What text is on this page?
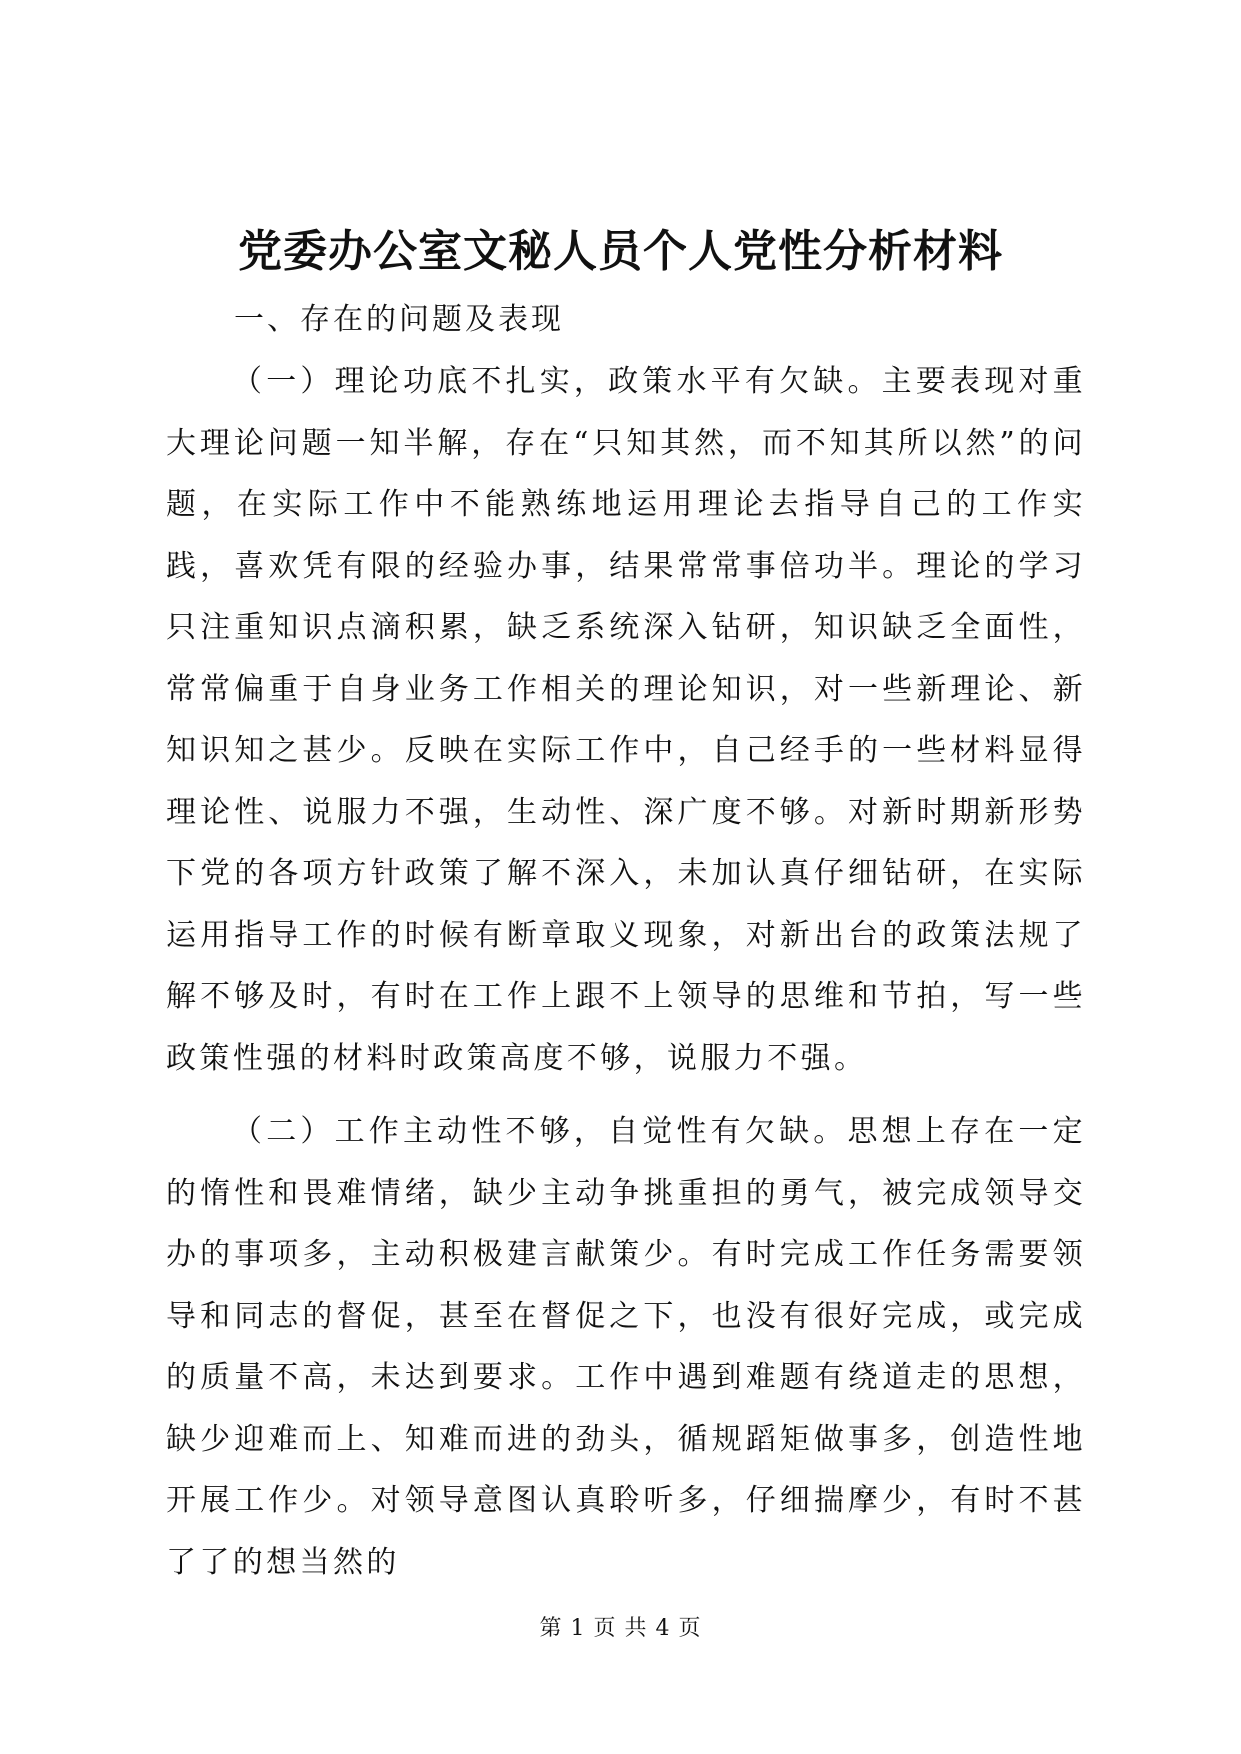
党委办公室文秘人员个人党性分析材料

一、存在的问题及表现

（一）理论功底不扎实，政策水平有欠缺。主要表现对重大理论问题一知半解，存在“只知其然，而不知其所以然”的问题，在实际工作中不能熟练地运用理论去指导自己的工作实践，喜欢凭有限的经验办事，结果常常事倍功半。理论的学习只注重知识点滴积累，缺乏系统深入钻研，知识缺乏全面性，常常偏重于自身业务工作相关的理论知识，对一些新理论、新知识知之甚少。反映在实际工作中，自己经手的一些材料显得理论性、说服力不强，生动性、深广度不够。对新时期新形势下党的各项方针政策了解不深入，未加认真仔细钻研，在实际运用指导工作的时候有断章取义现象，对新出台的政策法规了解不够及时，有时在工作上跟不上领导的思维和节拍，写一些政策性强的材料时政策高度不够，说服力不强。

（二）工作主动性不够，自觉性有欠缺。思想上存在一定的惰性和畏难情绪，缺少主动争挑重担的勇气，被完成领导交办的事项多，主动积极建言献策少。有时完成工作任务需要领导和同志的督促，甚至在督促之下，也没有很好完成，或完成的质量不高，未达到要求。工作中遇到难题有绕道走的思想，缺少迎难而上、知难而进的劲头，循规蹈矩做事多，创造性地开展工作少。对领导意图认真聆听多，仔细揣摩少，有时不甚了了的想当然的

第 1 页 共 4 页
